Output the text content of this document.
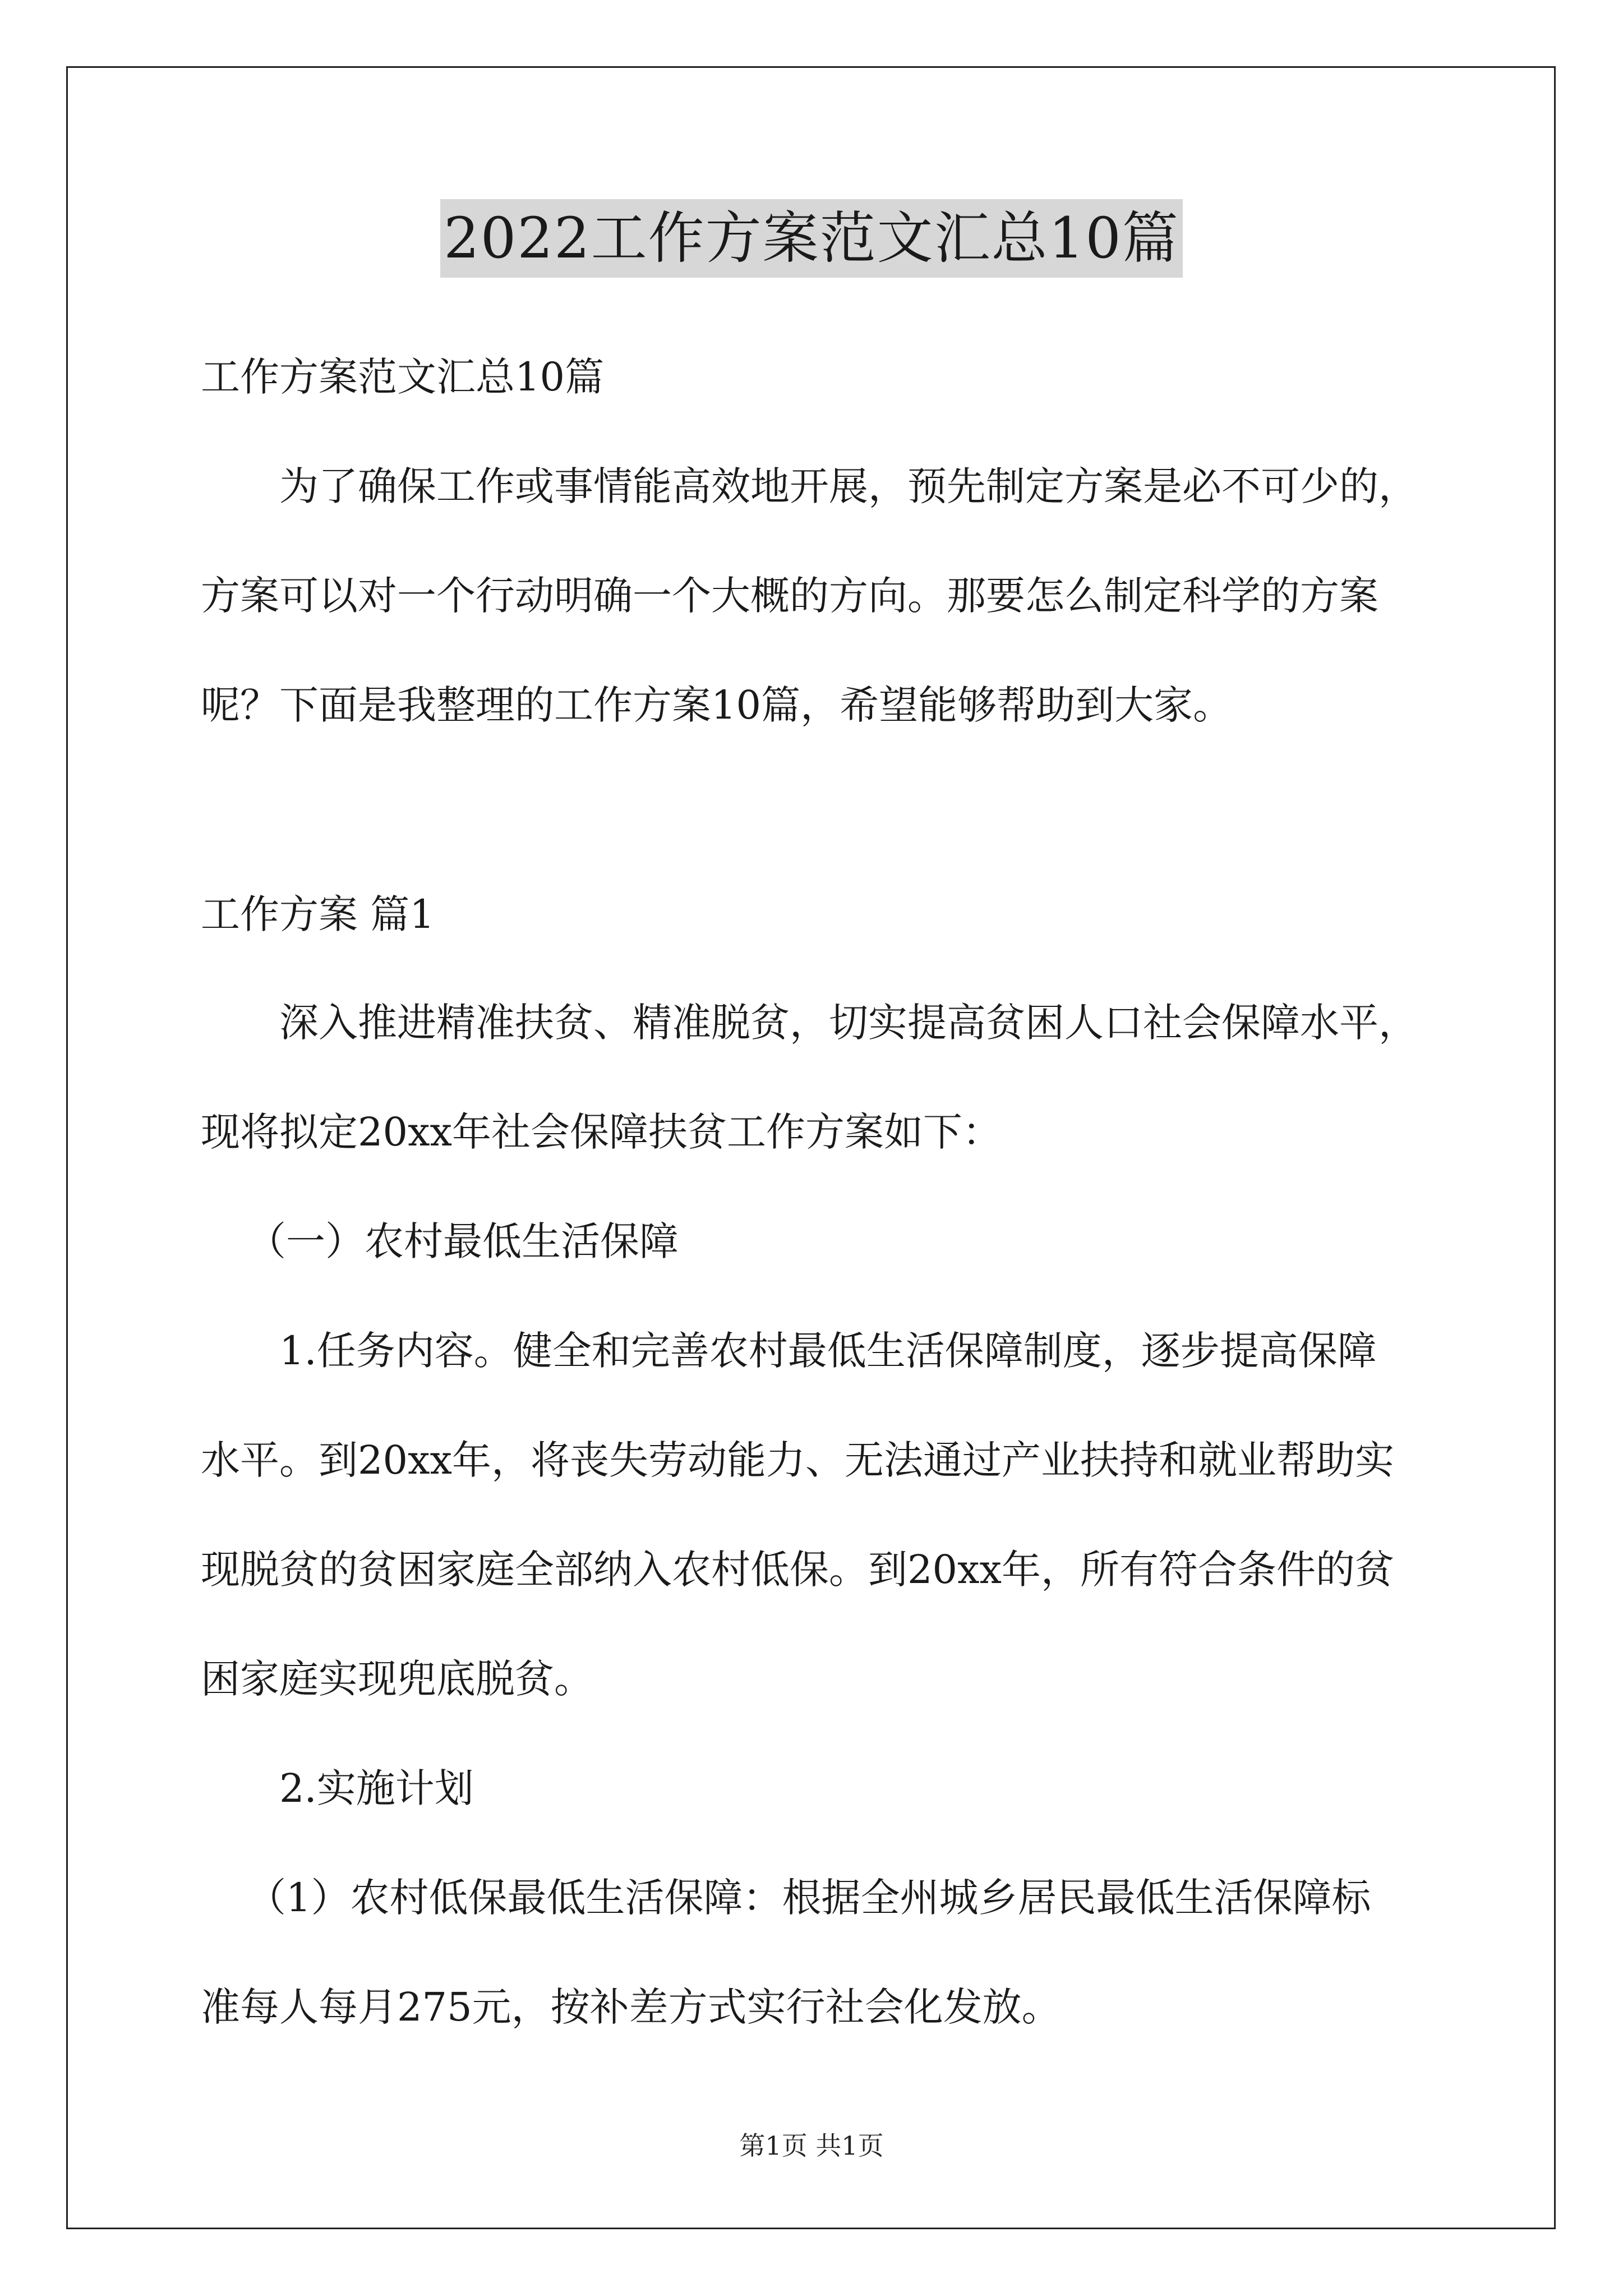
2022工作方案范文汇总10篇
工作方案范文汇总10篇
为了确保工作或事情能高效地开展，预先制定方案是必不可少的，
方案可以对一个行动明确一个大概的方向。那要怎么制定科学的方案
呢？下面是我整理的工作方案10篇，希望能够帮助到大家。
工作方案 篇1
深入推进精准扶贫、精准脱贫，切实提高贫困人口社会保障水平，
现将拟定20xx年社会保障扶贫工作方案如下：
（一）农村最低生活保障
1.任务内容。健全和完善农村最低生活保障制度，逐步提高保障
水平。到20xx年，将丧失劳动能力、无法通过产业扶持和就业帮助实
现脱贫的贫困家庭全部纳入农村低保。到20xx年，所有符合条件的贫
困家庭实现兜底脱贫。
2.实施计划
（1）农村低保最低生活保障：根据全州城乡居民最低生活保障标
准每人每月275元，按补差方式实行社会化发放。
第1页 共1页
